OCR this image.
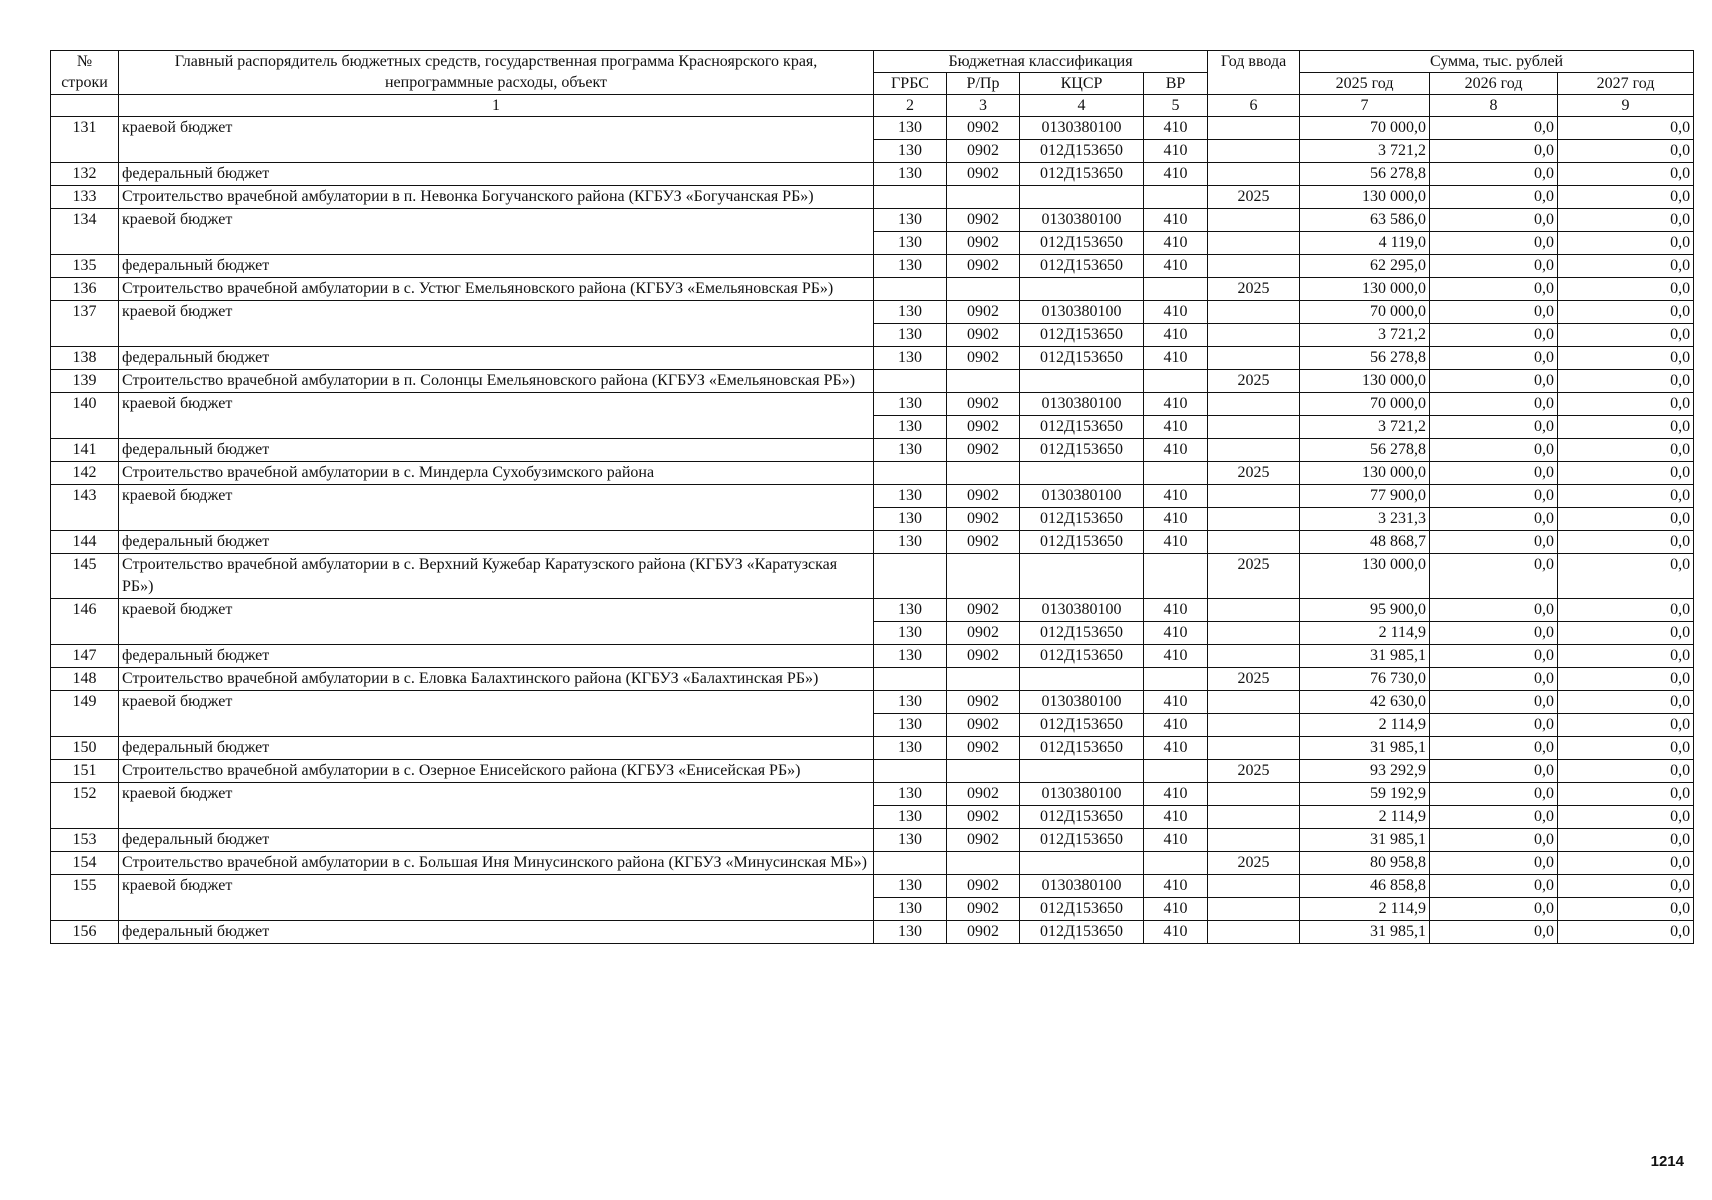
№ строки	Главный распорядитель бюджетных средств, государственная программа Красноярского края, непрограммные расходы, объект	Бюджетная классификация				Год ввода	Сумма, тыс. рублей		
		ГРБС	Р/Пр	КЦСР	ВР		2025 год	2026 год	2027 год
	1	2	3	4	5	6	7	8	9
131	краевой бюджет	130	0902	0130380100	410		70 000,0	0,0	0,0
		130	0902	012Д153650	410		3 721,2	0,0	0,0
132	федеральный бюджет	130	0902	012Д153650	410		56 278,8	0,0	0,0
133	Строительство врачебной амбулатории в п. Невонка Богучанского района (КГБУЗ «Богучанская РБ»)					2025	130 000,0	0,0	0,0
134	краевой бюджет	130	0902	0130380100	410		63 586,0	0,0	0,0
		130	0902	012Д153650	410		4 119,0	0,0	0,0
135	федеральный бюджет	130	0902	012Д153650	410		62 295,0	0,0	0,0
136	Строительство врачебной амбулатории в с. Устюг Емельяновского района (КГБУЗ «Емельяновская РБ»)					2025	130 000,0	0,0	0,0
137	краевой бюджет	130	0902	0130380100	410		70 000,0	0,0	0,0
		130	0902	012Д153650	410		3 721,2	0,0	0,0
138	федеральный бюджет	130	0902	012Д153650	410		56 278,8	0,0	0,0
139	Строительство врачебной амбулатории в п. Солонцы Емельяновского района (КГБУЗ «Емельяновская РБ»)					2025	130 000,0	0,0	0,0
140	краевой бюджет	130	0902	0130380100	410		70 000,0	0,0	0,0
		130	0902	012Д153650	410		3 721,2	0,0	0,0
141	федеральный бюджет	130	0902	012Д153650	410		56 278,8	0,0	0,0
142	Строительство врачебной амбулатории в с. Миндерла Сухобузимского района					2025	130 000,0	0,0	0,0
143	краевой бюджет	130	0902	0130380100	410		77 900,0	0,0	0,0
		130	0902	012Д153650	410		3 231,3	0,0	0,0
144	федеральный бюджет	130	0902	012Д153650	410		48 868,7	0,0	0,0
145	Строительство врачебной амбулатории в с. Верхний Кужебар Каратузского района (КГБУЗ «Каратузская РБ»)					2025	130 000,0	0,0	0,0
146	краевой бюджет	130	0902	0130380100	410		95 900,0	0,0	0,0
		130	0902	012Д153650	410		2 114,9	0,0	0,0
147	федеральный бюджет	130	0902	012Д153650	410		31 985,1	0,0	0,0
148	Строительство врачебной амбулатории в с. Еловка Балахтинского района (КГБУЗ «Балахтинская РБ»)					2025	76 730,0	0,0	0,0
149	краевой бюджет	130	0902	0130380100	410		42 630,0	0,0	0,0
		130	0902	012Д153650	410		2 114,9	0,0	0,0
150	федеральный бюджет	130	0902	012Д153650	410		31 985,1	0,0	0,0
151	Строительство врачебной амбулатории в с. Озерное Енисейского района (КГБУЗ «Енисейская РБ»)					2025	93 292,9	0,0	0,0
152	краевой бюджет	130	0902	0130380100	410		59 192,9	0,0	0,0
		130	0902	012Д153650	410		2 114,9	0,0	0,0
153	федеральный бюджет	130	0902	012Д153650	410		31 985,1	0,0	0,0
154	Строительство врачебной амбулатории в с. Большая Иня Минусинского района (КГБУЗ «Минусинская МБ»)					2025	80 958,8	0,0	0,0
155	краевой бюджет	130	0902	0130380100	410		46 858,8	0,0	0,0
		130	0902	012Д153650	410		2 114,9	0,0	0,0
156	федеральный бюджет	130	0902	012Д153650	410		31 985,1	0,0	0,0
1214
